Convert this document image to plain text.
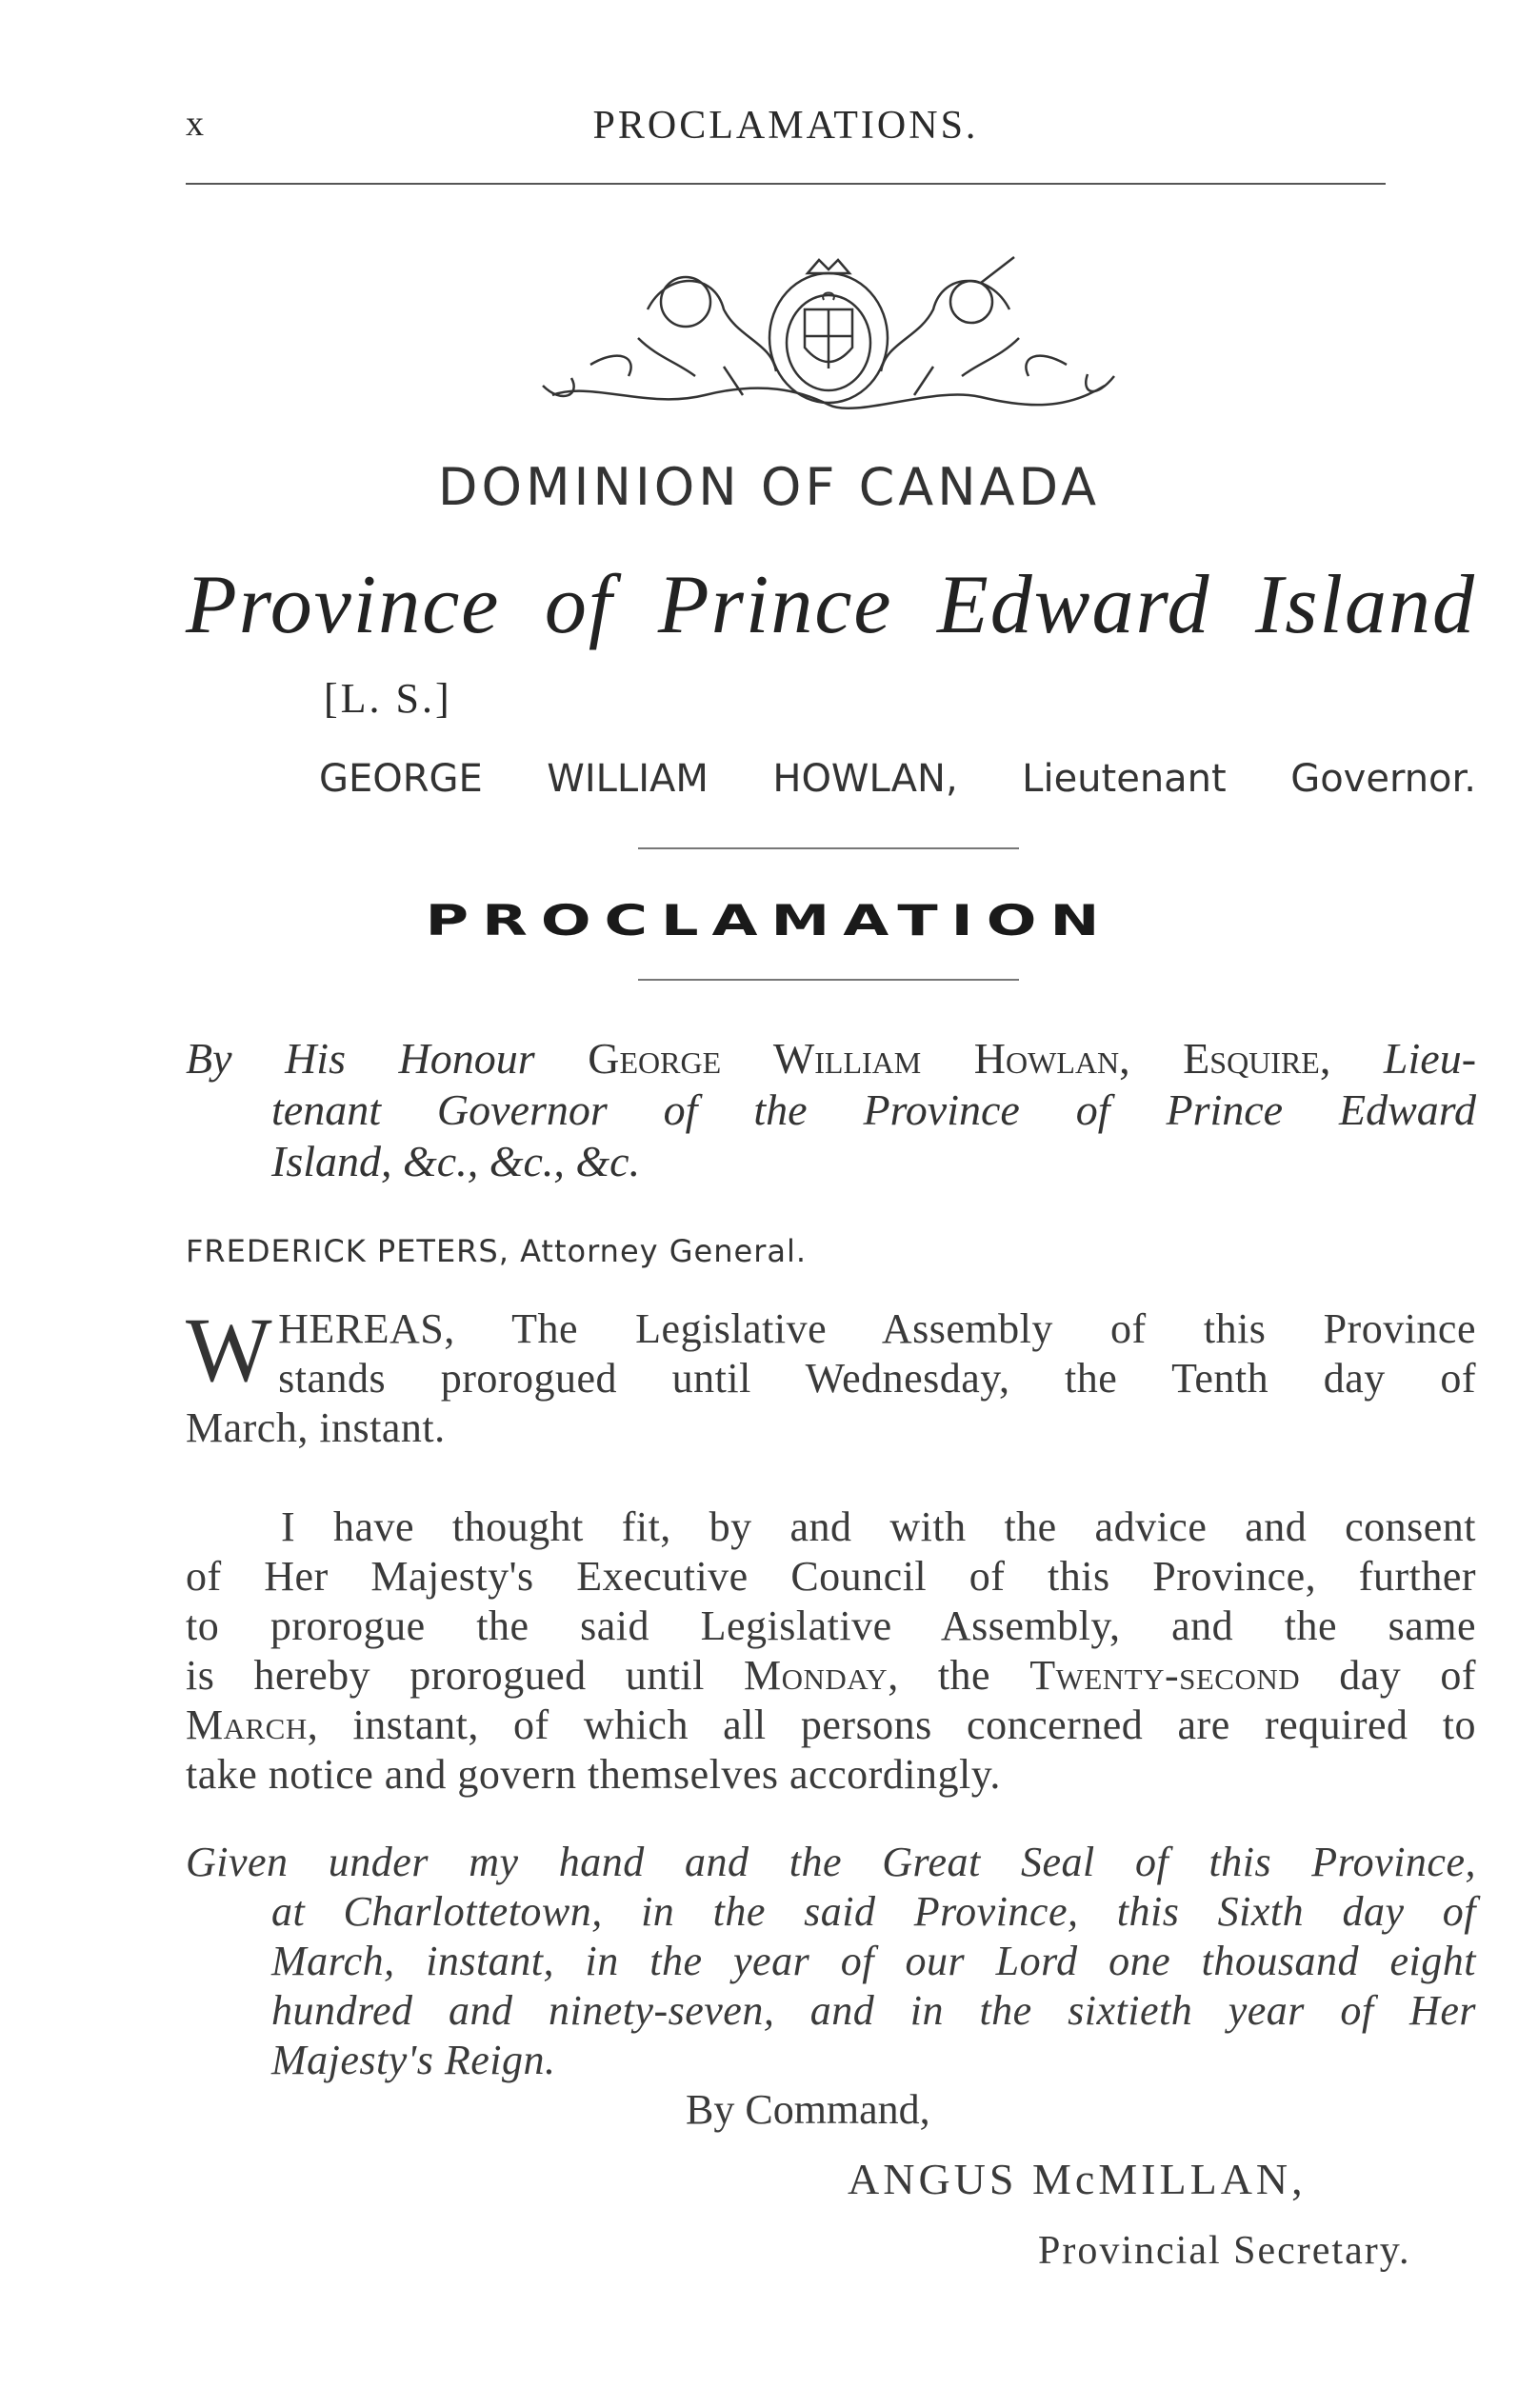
x	PROCLAMATIONS.
DOMINION OF CANADA
Province of Prince Edward Island
[L. S.]
GEORGE WILLIAM HOWLAN, Lieutenant Governor.
PROCLAMATION
By His Honour George William Howlan, Esquire, Lieu-
tenant Governor of the Province of Prince Edward
Island, &c., &c., &c.
FREDERICK PETERS, Attorney General.
W HEREAS, The Legislative Assembly of this Province
stands prorogued until Wednesday, the Tenth day of
March, instant.
I have thought fit, by and with the advice and consent
of Her Majesty's Executive Council of this Province, further
to prorogue the said Legislative Assembly, and the same
is hereby prorogued until Monday, the Twenty-second day of
March, instant, of which all persons concerned are required to
take notice and govern themselves accordingly.
Given under my hand and the Great Seal of this Province,
at Charlottetown, in the said Province, this Sixth day of
March, instant, in the year of our Lord one thousand eight
hundred and ninety-seven, and in the sixtieth year of Her
Majesty's Reign.
By Command,
ANGUS McMILLAN,
Provincial Secretary.
